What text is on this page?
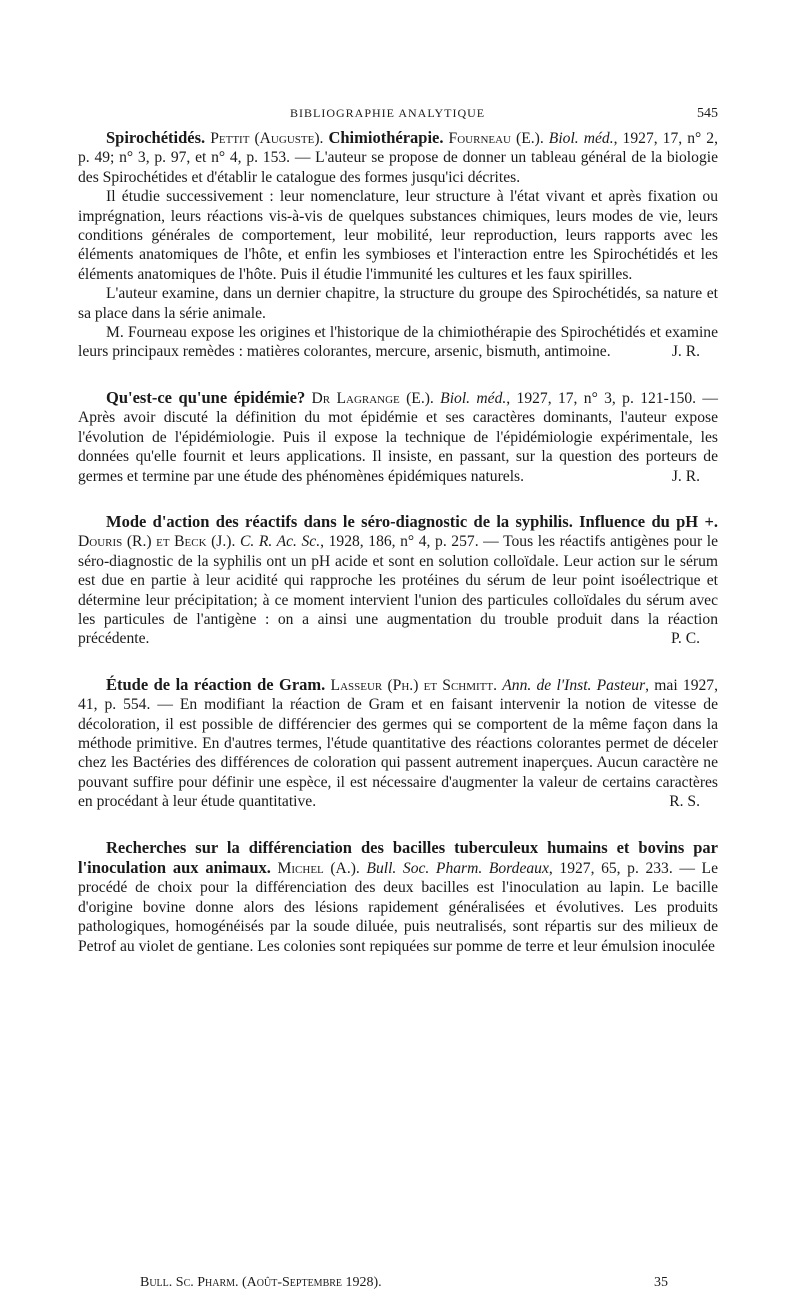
BIBLIOGRAPHIE ANALYTIQUE	545

Spirochétidés. Pettit (Auguste). Chimiothérapie. Fourneau (E.). Biol. méd., 1927, 17, n° 2, p. 49; n° 3, p. 97, et n° 4, p. 153. — L'auteur se propose de donner un tableau général de la biologie des Spirochétides et d'établir le catalogue des formes jusqu'ici décrites.

Il étudie successivement : leur nomenclature, leur structure à l'état vivant et après fixation ou imprégnation, leurs réactions vis-à-vis de quelques substances chimiques, leurs modes de vie, leurs conditions générales de comportement, leur mobilité, leur reproduction, leurs rapports avec les éléments anatomiques de l'hôte, et enfin les symbioses et l'interaction entre les Spirochétidés et les éléments anatomiques de l'hôte. Puis il étudie l'immunité les cultures et les faux spirilles.

L'auteur examine, dans un dernier chapitre, la structure du groupe des Spirochétidés, sa nature et sa place dans la série animale.

M. Fourneau expose les origines et l'historique de la chimiothérapie des Spirochétidés et examine leurs principaux remèdes : matières colorantes, mercure, arsenic, bismuth, antimoine.	J. R.

Qu'est-ce qu'une épidémie? Dr Lagrange (E.). Biol. méd., 1927, 17, n° 3, p. 121-150. — Après avoir discuté la définition du mot épidémie et ses caractères dominants, l'auteur expose l'évolution de l'épidémiologie. Puis il expose la technique de l'épidémiologie expérimentale, les données qu'elle fournit et leurs applications. Il insiste, en passant, sur la question des porteurs de germes et termine par une étude des phénomènes épidémiques naturels.	J. R.

Mode d'action des réactifs dans le séro-diagnostic de la syphilis. Influence du pH +. Douris (R.) et Beck (J.). C. R. Ac. Sc., 1928, 186, n° 4, p. 257. — Tous les réactifs antigènes pour le séro-diagnostic de la syphilis ont un pH acide et sont en solution colloïdale. Leur action sur le sérum est due en partie à leur acidité qui rapproche les protéines du sérum de leur point isoélectrique et détermine leur précipitation; à ce moment intervient l'union des particules colloïdales du sérum avec les particules de l'antigène : on a ainsi une augmentation du trouble produit dans la réaction précédente.	P. C.

Étude de la réaction de Gram. Lasseur (Ph.) et Schmitt. Ann. de l'Inst. Pasteur, mai 1927, 41, p. 554. — En modifiant la réaction de Gram et en faisant intervenir la notion de vitesse de décoloration, il est possible de différencier des germes qui se comportent de la même façon dans la méthode primitive. En d'autres termes, l'étude quantitative des réactions colorantes permet de déceler chez les Bactéries des différences de coloration qui passent autrement inaperçues. Aucun caractère ne pouvant suffire pour définir une espèce, il est nécessaire d'augmenter la valeur de certains caractères en procédant à leur étude quantitative.	R. S.

Recherches sur la différenciation des bacilles tuberculeux humains et bovins par l'inoculation aux animaux. Michel (A.). Bull. Soc. Pharm. Bordeaux, 1927, 65, p. 233. — Le procédé de choix pour la différenciation des deux bacilles est l'inoculation au lapin. Le bacille d'origine bovine donne alors des lésions rapidement généralisées et évolutives. Les produits pathologiques, homogénéisés par la soude diluée, puis neutralisés, sont répartis sur des milieux de Petrof au violet de gentiane. Les colonies sont repiquées sur pomme de terre et leur émulsion inoculée

Bull. Sc. Pharm. (Août-Septembre 1928).	35
